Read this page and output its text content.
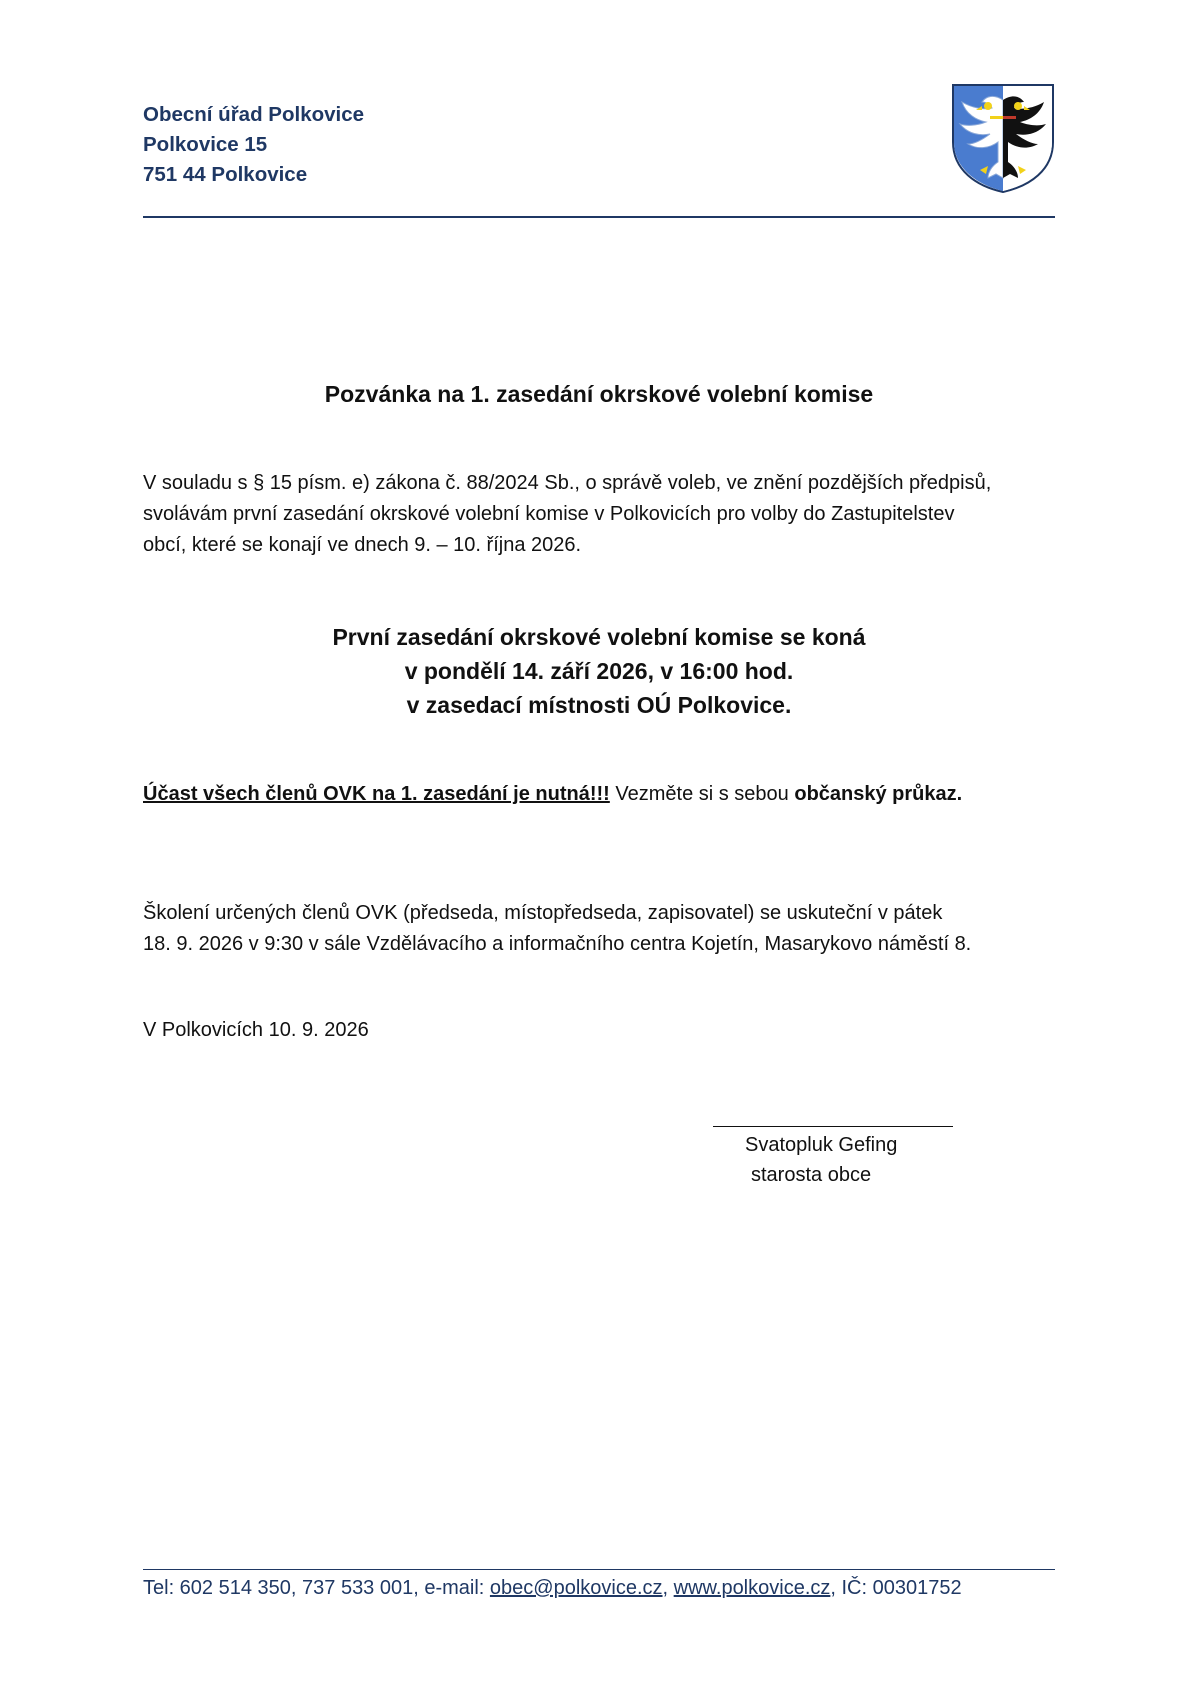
Obecní úřad Polkovice
Polkovice 15
751 44 Polkovice
Pozvánka na 1. zasedání okrskové volební komise
V souladu s § 15 písm. e) zákona č. 88/2024 Sb., o správě voleb, ve znění pozdějších předpisů,
svolávám první zasedání okrskové volební komise v Polkovicích pro volby do Zastupitelstev
obcí, které se konají ve dnech 9. – 10. října 2026.
První zasedání okrskové volební komise se koná
v pondělí 14. září 2026, v 16:00 hod.
v zasedací místnosti OÚ Polkovice.
Účast všech členů OVK na 1. zasedání je nutná!!! Vezměte si s sebou občanský průkaz.
Školení určených členů OVK (předseda, místopředseda, zapisovatel) se uskuteční v pátek
18. 9. 2026 v 9:30 v sále Vzdělávacího a informačního centra Kojetín, Masarykovo náměstí 8.
V Polkovicích 10. 9. 2026
Svatopluk Gefing
starosta obce
Tel: 602 514 350, 737 533 001, e-mail: obec@polkovice.cz, www.polkovice.cz, IČ: 00301752
